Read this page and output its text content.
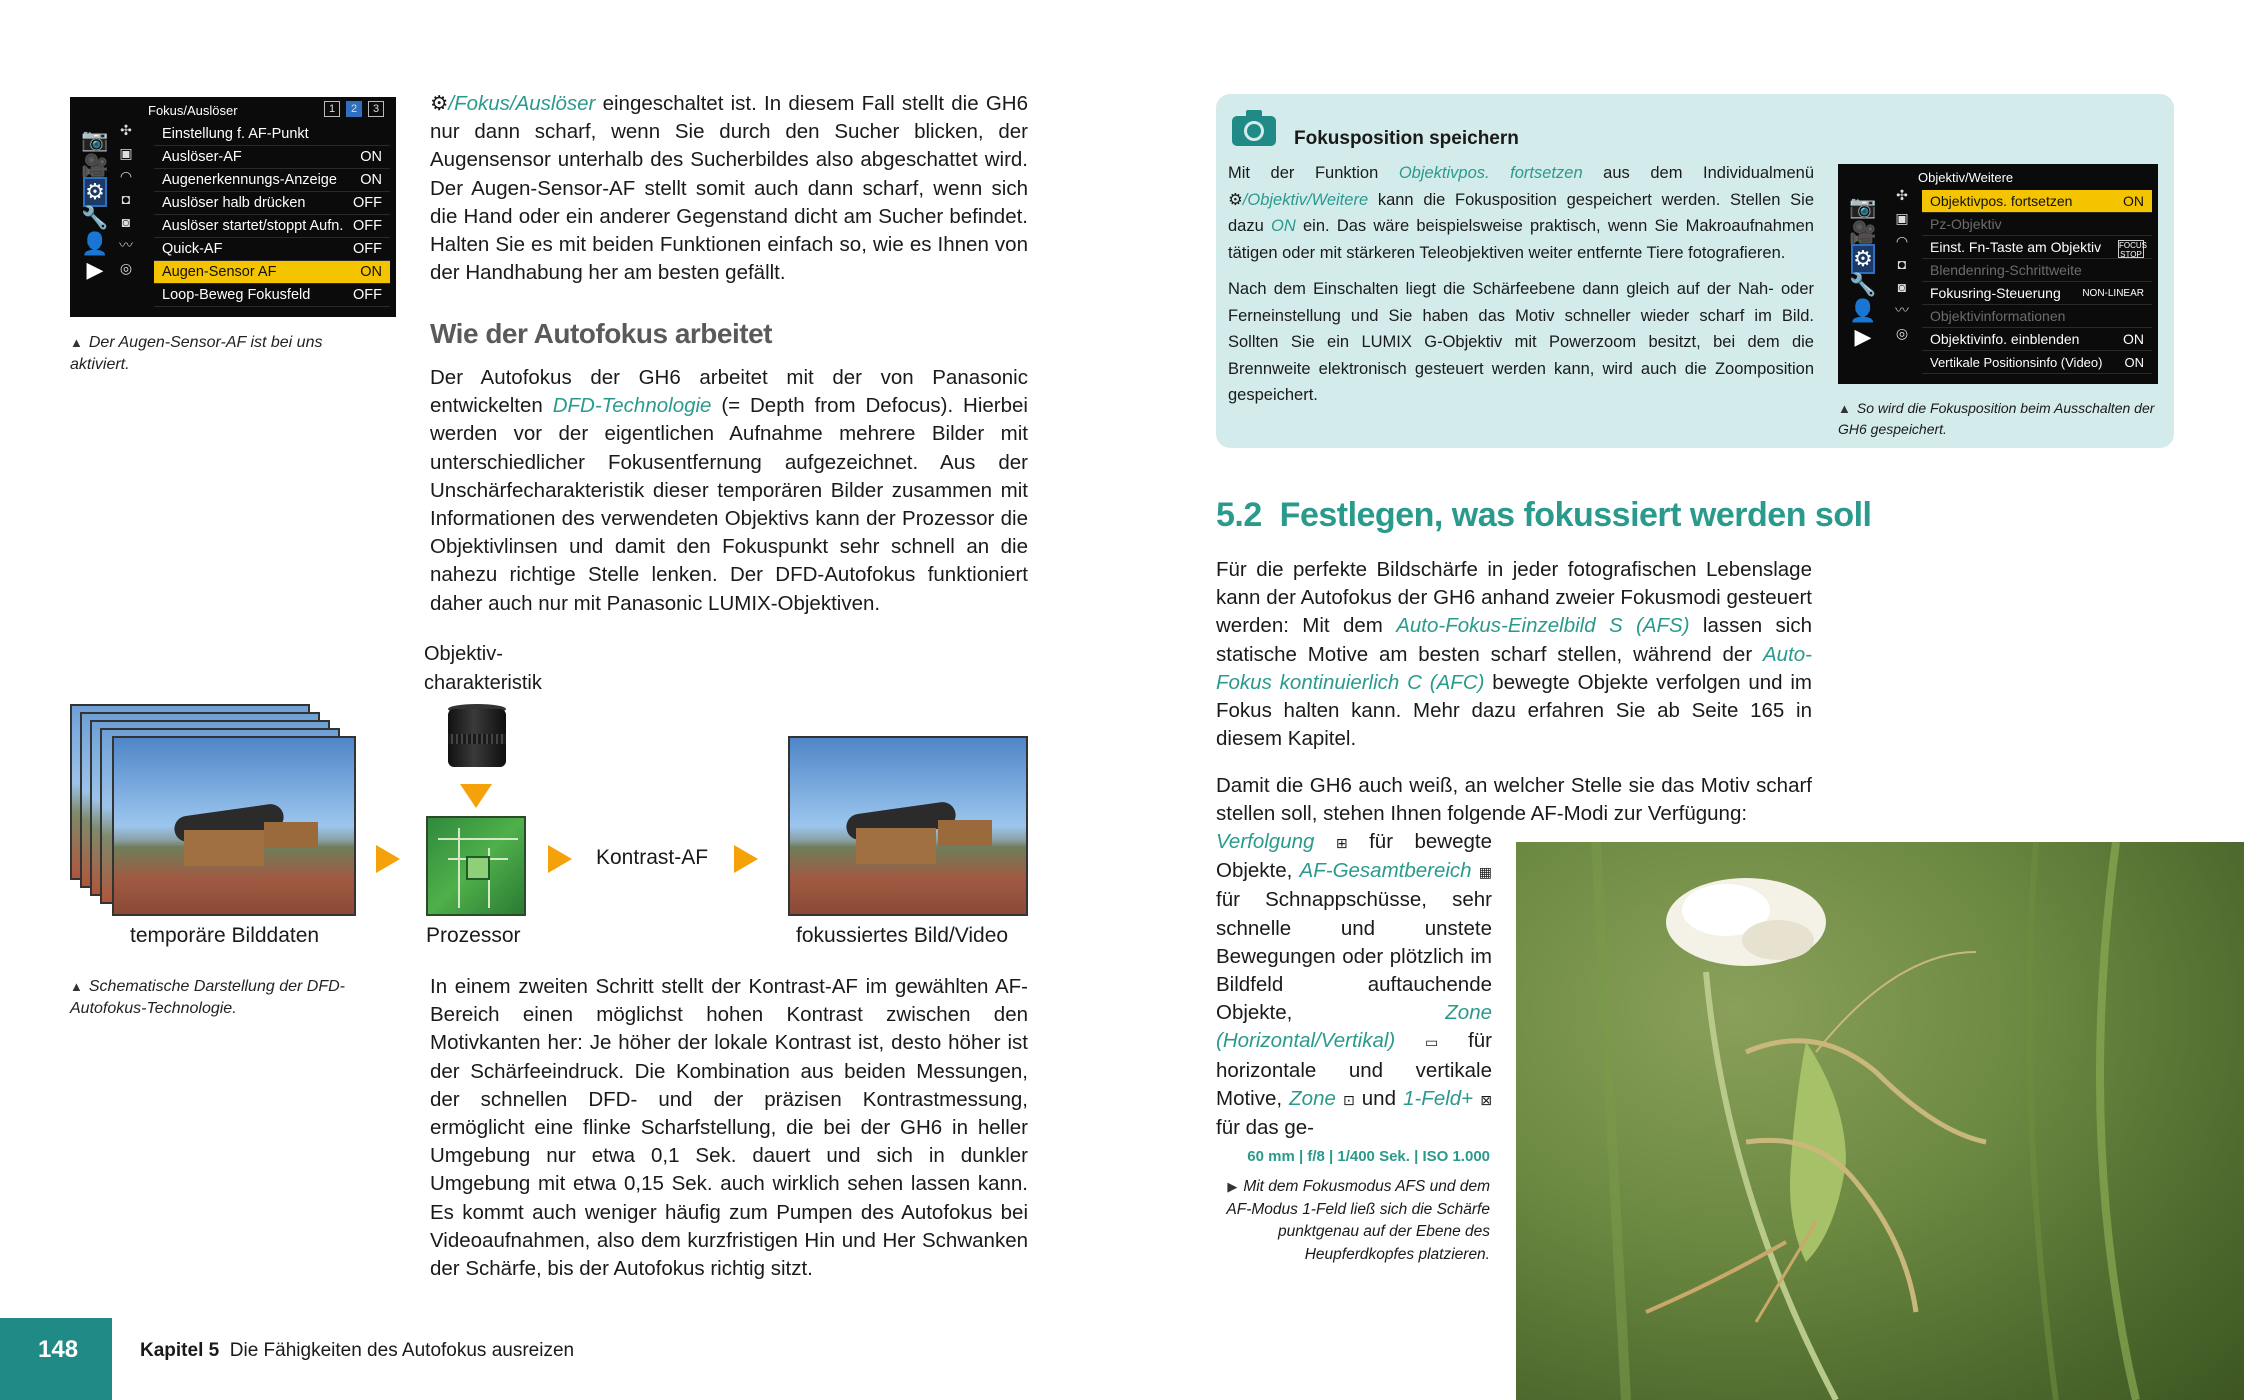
Fokus/Auslöser	1	2	3
📷
🎥
⚙
🔧
👤
▶
✣
▣
◠
◘
◙
〰
◎
Einstellung f. AF-Punkt
Auslöser-AF	ON
Augenerkennungs-Anzeige ON
Auslöser halb drücken	OFF
Auslöser startet/stoppt Aufn. OFF
Quick-AF	OFF
Augen-Sensor AF	ON
Loop-Beweg Fokusfeld	OFF
▲ Der Augen-Sensor-AF ist bei uns aktiviert.
⚙/Fokus/Auslöser eingeschaltet ist. In diesem Fall stellt die GH6 nur dann scharf, wenn Sie durch den Sucher blicken, der Augensensor unterhalb des Sucherbildes also abgeschattet wird. Der Augen-Sensor-AF stellt somit auch dann scharf, wenn sich die Hand oder ein anderer Gegenstand dicht am Sucher befindet. Halten Sie es mit beiden Funktionen einfach so, wie es Ihnen von der Handhabung her am besten gefällt.
Wie der Autofokus arbeitet
Der Autofokus der GH6 arbeitet mit der von Panasonic entwickelten DFD-Technologie (= Depth from Defocus). Hierbei werden vor der eigentlichen Aufnahme mehrere Bilder mit unterschiedlicher Fokusentfernung aufgezeichnet. Aus der Unschärfecharakteristik dieser temporären Bilder zusammen mit Informationen des verwendeten Objektivs kann der Prozessor die Objektivlinsen und damit den Fokuspunkt sehr schnell an die nahezu richtige Stelle lenken. Der DFD-Autofokus funktioniert daher auch nur mit Panasonic LUMIX-Objektiven.
Objektiv-
charakteristik
temporäre Bilddaten	Prozessor
Kontrast-AF
fokussiertes Bild/Video
▲ Schematische Darstellung der DFD-Autofokus-Technologie.
In einem zweiten Schritt stellt der Kontrast-AF im gewählten AF-Bereich einen möglichst hohen Kontrast zwischen den Motivkanten her: Je höher der lokale Kontrast ist, desto höher ist der Schärfeeindruck. Die Kombination aus beiden Messungen, der schnellen DFD- und der präzisen Kontrastmessung, ermöglicht eine flinke Scharfstellung, die bei der GH6 in heller Umgebung nur etwa 0,1 Sek. dauert und sich in dunkler Umgebung mit etwa 0,15 Sek. auch wirklich sehen lassen kann. Es kommt auch weniger häufig zum Pumpen des Autofokus bei Videoaufnahmen, also dem kurzfristigen Hin und Her Schwanken der Schärfe, bis der Autofokus richtig sitzt.
148	Kapitel 5 Die Fähigkeiten des Autofokus ausreizen
Fokusposition speichern
Mit der Funktion Objektivpos. fortsetzen aus dem Individualmenü ⚙/Objektiv/Weitere kann die Fokusposition gespeichert werden. Stellen Sie dazu ON ein. Das wäre beispielsweise praktisch, wenn Sie Makroaufnahmen tätigen oder mit stärkeren Teleobjektiven weiter entfernte Tiere fotografieren.
Nach dem Einschalten liegt die Schärfeebene dann gleich auf der Nah- oder Ferneinstellung und Sie haben das Motiv schneller wieder scharf im Bild. Sollten Sie ein LUMIX G-Objektiv mit Powerzoom besitzt, bei dem die Brennweite elektronisch gesteuert werden kann, wird auch die Zoomposition gespeichert.
Objektiv/Weitere
📷
🎥
⚙
🔧
👤
▶
✣
▣
◠
◘
◙
〰
◎
Objektivpos. fortsetzen	ON
Pz-Objektiv
Einst. Fn-Taste am Objektiv FOCUS STOP
Blendenring-Schrittweite
Fokusring-Steuerung NON-LINEAR
Objektivinformationen
Objektivinfo. einblenden	ON
Vertikale Positionsinfo (Video) ON
▲ So wird die Fokusposition beim Ausschalten der GH6 gespeichert.
5.2 Festlegen, was fokussiert werden soll
Für die perfekte Bildschärfe in jeder fotografischen Lebenslage kann der Autofokus der GH6 anhand zweier Fokusmodi gesteuert werden: Mit dem Auto-Fokus-Einzelbild S (AFS) lassen sich statische Motive am besten scharf stellen, während der Auto-Fokus kontinuierlich C (AFC) bewegte Objekte verfolgen und im Fokus halten kann. Mehr dazu erfahren Sie ab Seite 165 in diesem Kapitel.
Damit die GH6 auch weiß, an welcher Stelle sie das Motiv scharf stellen soll, stehen Ihnen folgende AF-Modi zur Verfügung:
Verfolgung ⊞ für bewegte Objekte, AF-Gesamtbereich ▦ für Schnappschüsse, sehr schnelle und unstete Bewegungen oder plötzlich im Bildfeld auftauchende Objekte, Zone (Horizontal/Vertikal) ▭ für horizontale und vertikale Motive, Zone ⊡ und 1-Feld+ ⊠ für das ge-
60 mm | f/8 | 1/400 Sek. | ISO 1.000
▶ Mit dem Fokusmodus AFS und dem AF-Modus 1-Feld ließ sich die Schärfe punktgenau auf der Ebene des Heupferdkopfes platzieren.
